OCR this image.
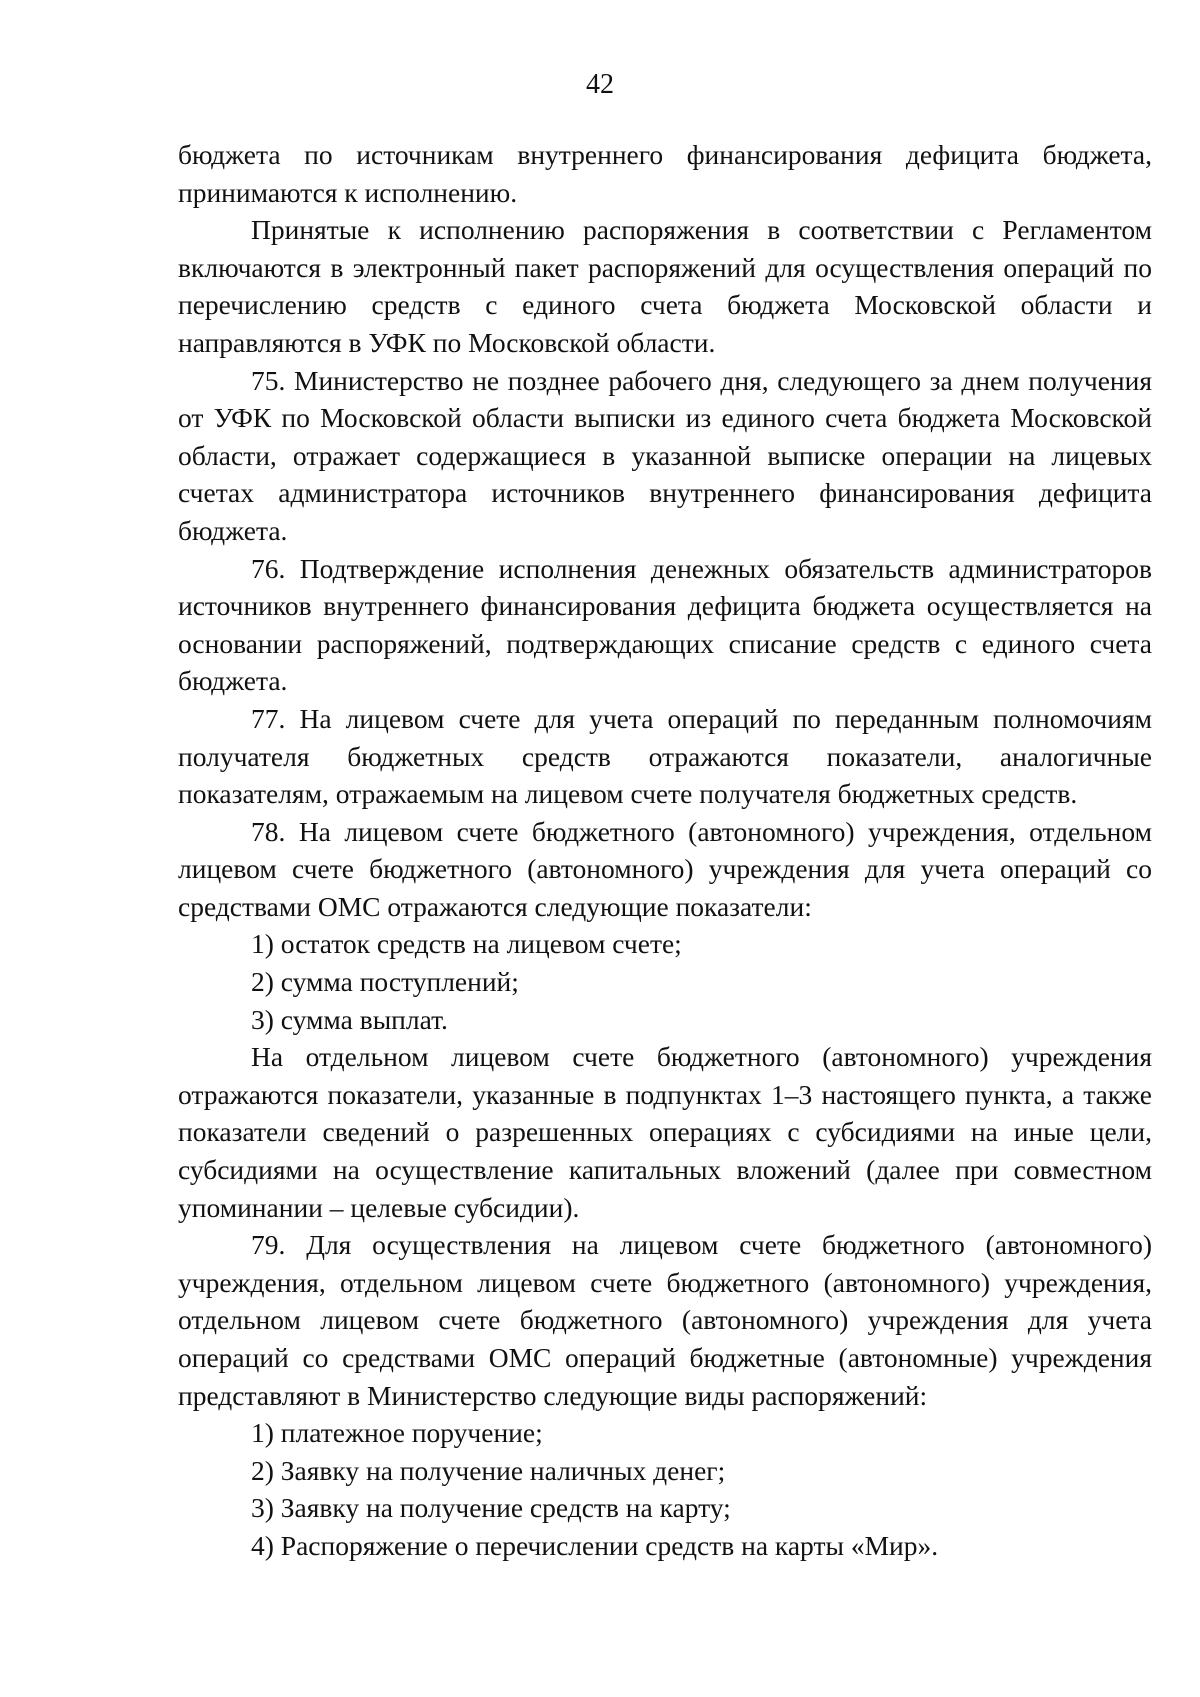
42

бюджета по источникам внутреннего финансирования дефицита бюджета, принимаются к исполнению.

Принятые к исполнению распоряжения в соответствии с Регламентом включаются в электронный пакет распоряжений для осуществления операций по перечислению средств с единого счета бюджета Московской области и направляются в УФК по Московской области.

75. Министерство не позднее рабочего дня, следующего за днем получения от УФК по Московской области выписки из единого счета бюджета Московской области, отражает содержащиеся в указанной выписке операции на лицевых счетах администратора источников внутреннего финансирования дефицита бюджета.

76. Подтверждение исполнения денежных обязательств администраторов источников внутреннего финансирования дефицита бюджета осуществляется на основании распоряжений, подтверждающих списание средств с единого счета бюджета.

77. На лицевом счете для учета операций по переданным полномочиям получателя бюджетных средств отражаются показатели, аналогичные показателям, отражаемым на лицевом счете получателя бюджетных средств.

78. На лицевом счете бюджетного (автономного) учреждения, отдельном лицевом счете бюджетного (автономного) учреждения для учета операций со средствами ОМС отражаются следующие показатели:

1) остаток средств на лицевом счете;

2) сумма поступлений;

3) сумма выплат.

На отдельном лицевом счете бюджетного (автономного) учреждения отражаются показатели, указанные в подпунктах 1–3 настоящего пункта, а также показатели сведений о разрешенных операциях с субсидиями на иные цели, субсидиями на осуществление капитальных вложений (далее при совместном упоминании – целевые субсидии).

79. Для осуществления на лицевом счете бюджетного (автономного) учреждения, отдельном лицевом счете бюджетного (автономного) учреждения, отдельном лицевом счете бюджетного (автономного) учреждения для учета операций со средствами ОМС операций бюджетные (автономные) учреждения представляют в Министерство следующие виды распоряжений:

1) платежное поручение;

2) Заявку на получение наличных денег;

3) Заявку на получение средств на карту;

4) Распоряжение о перечислении средств на карты «Мир».
